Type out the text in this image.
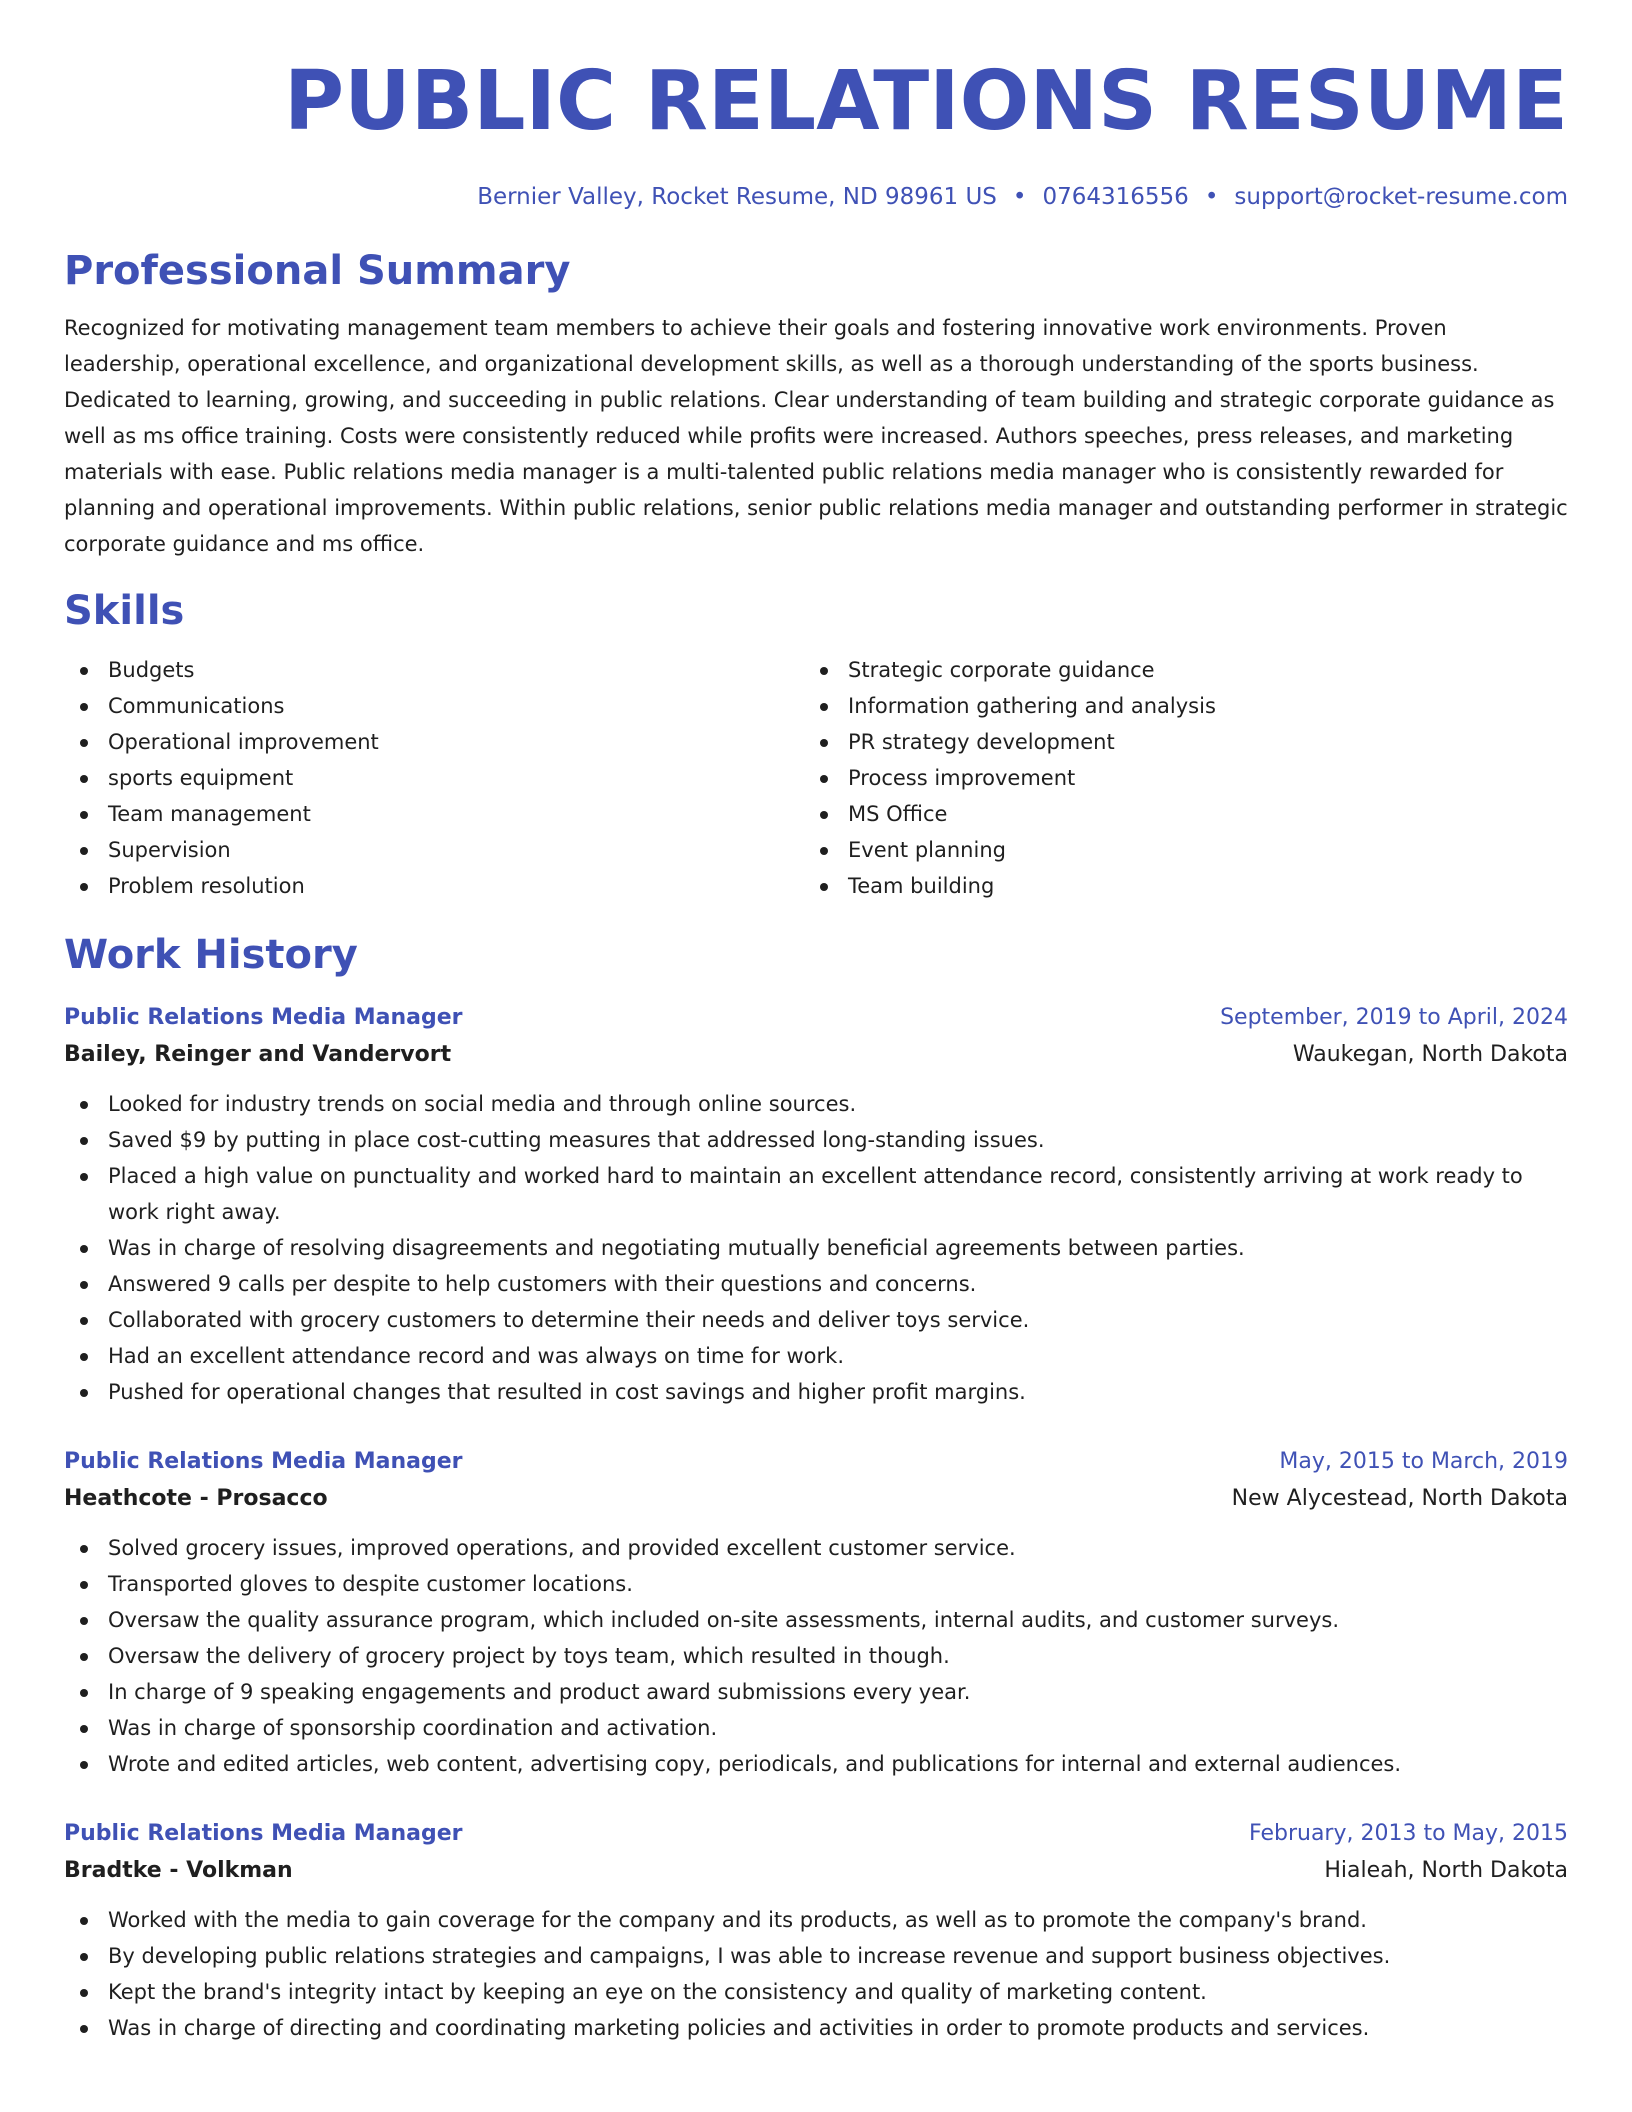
PUBLIC RELATIONS RESUME
Bernier Valley, Rocket Resume, ND 98961 US • 0764316556 • support@rocket-resume.com
Professional Summary
Recognized for motivating management team members to achieve their goals and fostering innovative work environments. Proven leadership, operational excellence, and organizational development skills, as well as a thorough understanding of the sports business. Dedicated to learning, growing, and succeeding in public relations. Clear understanding of team building and strategic corporate guidance as well as ms office training. Costs were consistently reduced while profits were increased. Authors speeches, press releases, and marketing materials with ease. Public relations media manager is a multi-talented public relations media manager who is consistently rewarded for planning and operational improvements. Within public relations, senior public relations media manager and outstanding performer in strategic corporate guidance and ms office.
Skills
Budgets
Communications
Operational improvement
sports equipment
Team management
Supervision
Problem resolution
Strategic corporate guidance
Information gathering and analysis
PR strategy development
Process improvement
MS Office
Event planning
Team building
Work History
Public Relations Media Manager	September, 2019 to April, 2024
Bailey, Reinger and Vandervort	Waukegan, North Dakota
Looked for industry trends on social media and through online sources.
Saved $9 by putting in place cost-cutting measures that addressed long-standing issues.
Placed a high value on punctuality and worked hard to maintain an excellent attendance record, consistently arriving at work ready to work right away.
Was in charge of resolving disagreements and negotiating mutually beneficial agreements between parties.
Answered 9 calls per despite to help customers with their questions and concerns.
Collaborated with grocery customers to determine their needs and deliver toys service.
Had an excellent attendance record and was always on time for work.
Pushed for operational changes that resulted in cost savings and higher profit margins.
Public Relations Media Manager	May, 2015 to March, 2019
Heathcote - Prosacco	New Alycestead, North Dakota
Solved grocery issues, improved operations, and provided excellent customer service.
Transported gloves to despite customer locations.
Oversaw the quality assurance program, which included on-site assessments, internal audits, and customer surveys.
Oversaw the delivery of grocery project by toys team, which resulted in though.
In charge of 9 speaking engagements and product award submissions every year.
Was in charge of sponsorship coordination and activation.
Wrote and edited articles, web content, advertising copy, periodicals, and publications for internal and external audiences.
Public Relations Media Manager	February, 2013 to May, 2015
Bradtke - Volkman	Hialeah, North Dakota
Worked with the media to gain coverage for the company and its products, as well as to promote the company's brand.
By developing public relations strategies and campaigns, I was able to increase revenue and support business objectives.
Kept the brand's integrity intact by keeping an eye on the consistency and quality of marketing content.
Was in charge of directing and coordinating marketing policies and activities in order to promote products and services.
